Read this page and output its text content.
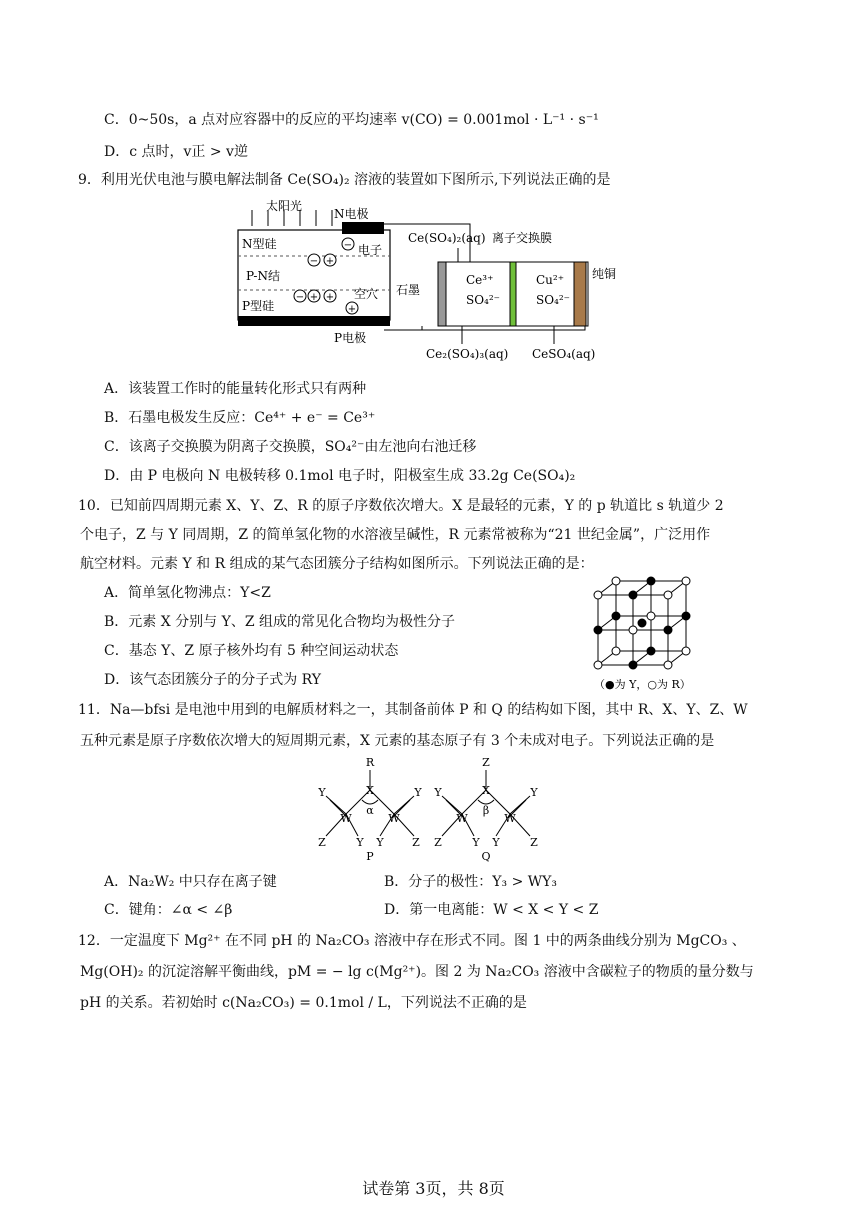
C．0~50s，a 点对应容器中的反应的平均速率 v(CO) = 0.001mol · L⁻¹ · s⁻¹
D．c 点时，v正 > v逆
9．利用光伏电池与膜电解法制备 Ce(SO₄)₂ 溶液的装置如下图所示,下列说法正确的是
太阳光
N电极
N型硅
P-N结
P型硅
电子
空穴
P电极
− +
− + +
−
+
纯铜
石墨
Ce(SO₄)₂(aq) 离子交换膜
Ce³⁺
SO₄²⁻
Cu²⁺
SO₄²⁻
Ce₂(SO₄)₃(aq) CeSO₄(aq)
A．该装置工作时的能量转化形式只有两种
B．石墨电极发生反应：Ce⁴⁺ + e⁻ = Ce³⁺
C．该离子交换膜为阴离子交换膜，SO₄²⁻由左池向右池迁移
D．由 P 电极向 N 电极转移 0.1mol 电子时，阳极室生成 33.2g Ce(SO₄)₂
10．已知前四周期元素 X、Y、Z、R 的原子序数依次增大。X 是最轻的元素，Y 的 p 轨道比 s 轨道少 2
个电子，Z 与 Y 同周期，Z 的简单氢化物的水溶液呈碱性，R 元素常被称为“21 世纪金属”，广泛用作
航空材料。元素 Y 和 R 组成的某气态团簇分子结构如图所示。下列说法正确的是：
A．简单氢化物沸点：Y<Z
B．元素 X 分别与 Y、Z 组成的常见化合物均为极性分子
C．基态 Y、Z 原子核外均有 5 种空间运动状态
D．该气态团簇分子的分子式为 RY	（●为 Y，○为 R）
11．Na—bfsi 是电池中用到的电解质材料之一，其制备前体 P 和 Q 的结构如下图，其中 R、X、Y、Z、W
五种元素是原子序数依次增大的短周期元素，X 元素的基态原子有 3 个未成对电子。下列说法正确的是
R
X
α
W	W
Y	Y
Z	Y Y	Z
P
Z
X
β
W	W
Y	Y
Z	Y Y	Z
Q
A．Na₂W₂ 中只存在离子键	B．分子的极性：Y₃ > WY₃
C．键角：∠α < ∠β	D．第一电离能：W < X < Y < Z
12．一定温度下 Mg²⁺ 在不同 pH 的 Na₂CO₃ 溶液中存在形式不同。图 1 中的两条曲线分别为 MgCO₃ 、
Mg(OH)₂ 的沉淀溶解平衡曲线，pM = − lg c(Mg²⁺)。图 2 为 Na₂CO₃ 溶液中含碳粒子的物质的量分数与
pH 的关系。若初始时 c(Na₂CO₃) = 0.1mol / L，下列说法不正确的是
试卷第 3页，共 8页
